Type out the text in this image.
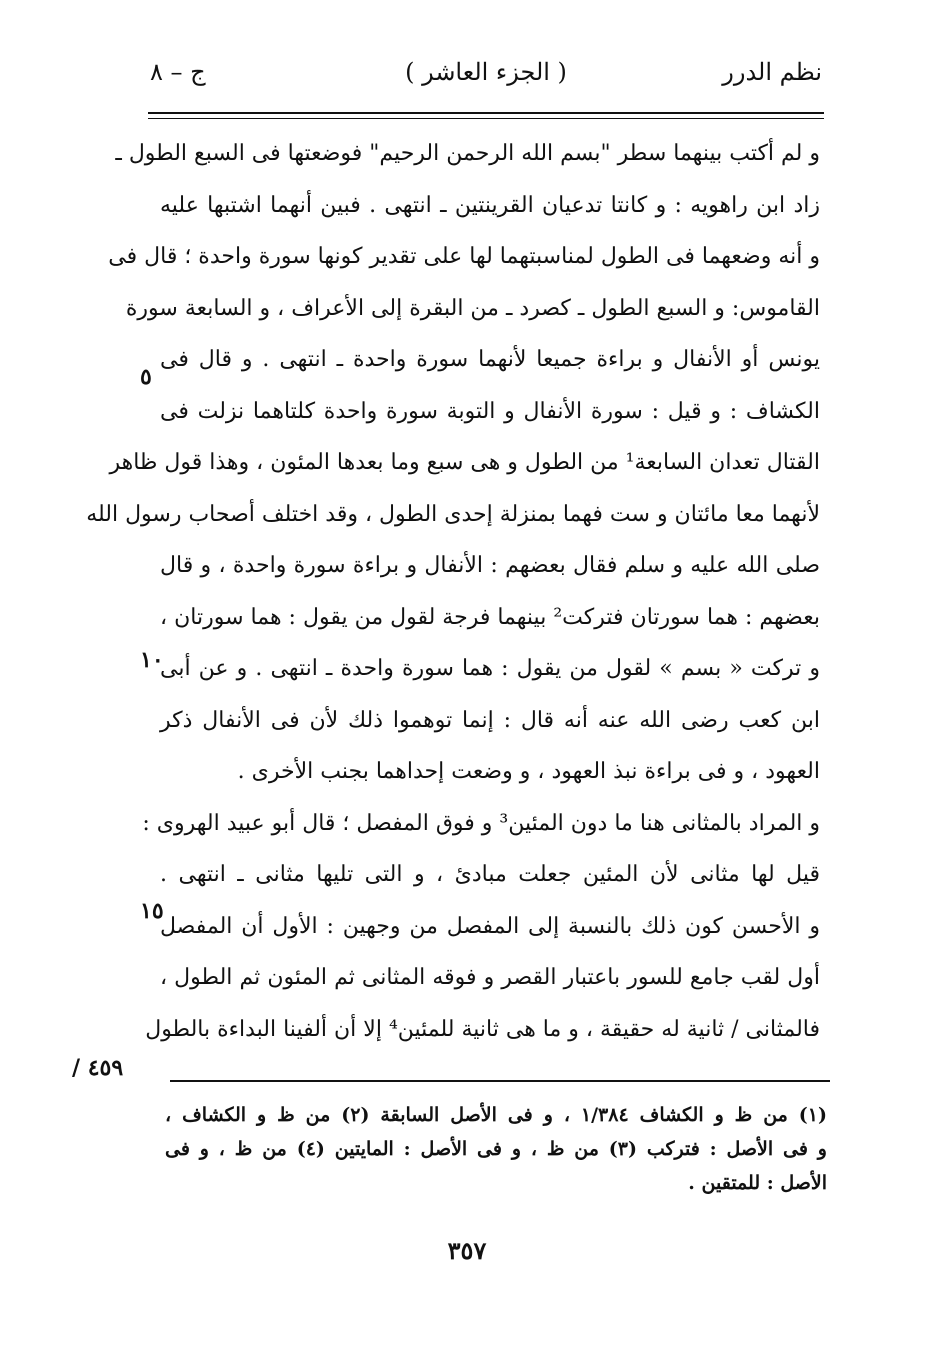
نظم الدرر
( الجزء العاشر )
ج – ٨
و لم أكتب بينهما سطر "بسم الله الرحمن الرحيم" فوضعتها فى السبع الطول ـ
زاد ابن راهويه : و كانتا تدعيان القرينتين ـ انتهى . فبين أنهما اشتبها عليه
و أنه وضعهما فى الطول لمناسبتهما لها على تقدير كونها سورة واحدة ؛ قال فى
القاموس: و السبع الطول ـ كصرد ـ من البقرة إلى الأعراف ، و السابعة سورة
يونس أو الأنفال و براءة جميعا لأنهما سورة واحدة ـ انتهى . و قال فى
الكشاف : و قيل : سورة الأنفال و التوبة سورة واحدة كلتاهما نزلت فى
القتال تعدان السابعة¹ من الطول و هى سبع وما بعدها المئون ، وهذا قول ظاهر
لأنهما معا مائتان و ست فهما بمنزلة إحدى الطول ، وقد اختلف أصحاب رسول الله
صلى الله عليه و سلم فقال بعضهم : الأنفال و براءة سورة واحدة ، و قال
بعضهم : هما سورتان فتركت² بينهما فرجة لقول من يقول : هما سورتان ،
و تركت « بسم » لقول من يقول : هما سورة واحدة ـ انتهى . و عن أبى
ابن كعب رضى الله عنه أنه قال : إنما توهموا ذلك لأن فى الأنفال ذكر
العهود ، و فى براءة نبذ العهود ، و وضعت إحداهما بجنب الأخرى .
و المراد بالمثانى هنا ما دون المئين³ و فوق المفصل ؛ قال أبو عبيد الهروى :
قيل لها مثانى لأن المئين جعلت مبادئ ، و التى تليها مثانى ـ انتهى .
و الأحسن كون ذلك بالنسبة إلى المفصل من وجهين : الأول أن المفصل
أول لقب جامع للسور باعتبار القصر و فوقه المثانى ثم المئون ثم الطول ،
فالمثانى / ثانية له حقيقة ، و ما هى ثانية للمئين⁴ إلا أن ألفينا البداءة بالطول
٥
١٠
١٥
٤٥٩ /
(١) من ظ و الكشاف ١/٣٨٤ ، و فى الأصل السابقة (٢) من ظ و الكشاف ،
و فى الأصل : فتركب (٣) من ظ ، و فى الأصل : المايتين (٤) من ظ ، و فى
الأصل : للمتقين .
٣٥٧
